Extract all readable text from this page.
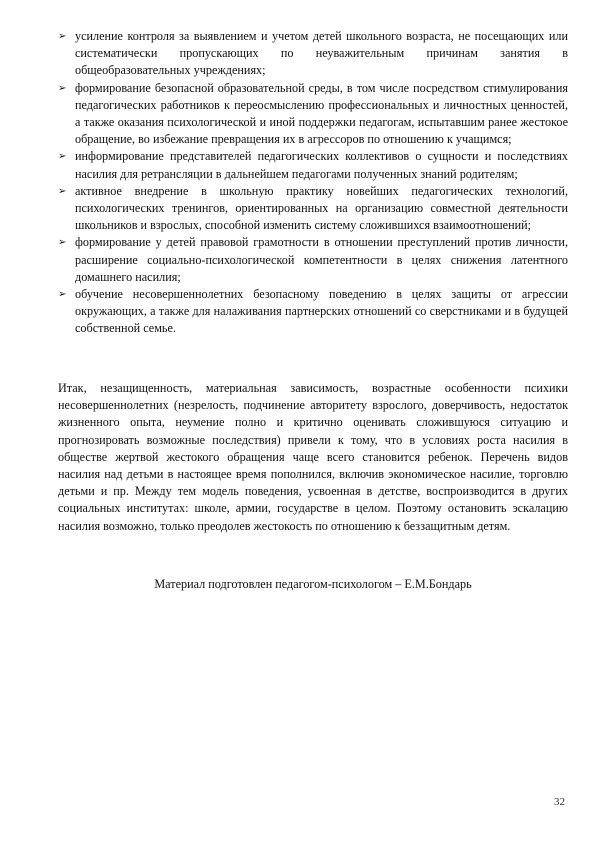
➢ усиление контроля за выявлением и учетом детей школьного возраста, не посещающих или систематически пропускающих по неуважительным причинам занятия в общеобразовательных учреждениях;
➢ формирование безопасной образовательной среды, в том числе посредством стимулирования педагогических работников к переосмыслению профессиональных и личностных ценностей, а также оказания психологической и иной поддержки педагогам, испытавшим ранее жестокое обращение, во избежание превращения их в агрессоров по отношению к учащимся;
➢ информирование представителей педагогических коллективов о сущности и последствиях насилия для ретрансляции в дальнейшем педагогами полученных знаний родителям;
➢ активное внедрение в школьную практику новейших педагогических технологий, психологических тренингов, ориентированных на организацию совместной деятельности школьников и взрослых, способной изменить систему сложившихся взаимоотношений;
➢ формирование у детей правовой грамотности в отношении преступлений против личности, расширение социально-психологической компетентности в целях снижения латентного домашнего насилия;
➢ обучение несовершеннолетних безопасному поведению в целях защиты от агрессии окружающих, а также для налаживания партнерских отношений со сверстниками и в будущей собственной семье.

Итак, незащищенность, материальная зависимость, возрастные особенности психики несовершеннолетних (незрелость, подчинение авторитету взрослого, доверчивость, недостаток жизненного опыта, неумение полно и критично оценивать сложившуюся ситуацию и прогнозировать возможные последствия) привели к тому, что в условиях роста насилия в обществе жертвой жестокого обращения чаще всего становится ребенок. Перечень видов насилия над детьми в настоящее время пополнился, включив экономическое насилие, торговлю детьми и пр. Между тем модель поведения, усвоенная в детстве, воспроизводится в других социальных институтах: школе, армии, государстве в целом. Поэтому остановить эскалацию насилия возможно, только преодолев жестокость по отношению к беззащитным детям.

Материал подготовлен педагогом-психологом – Е.М.Бондарь

32
